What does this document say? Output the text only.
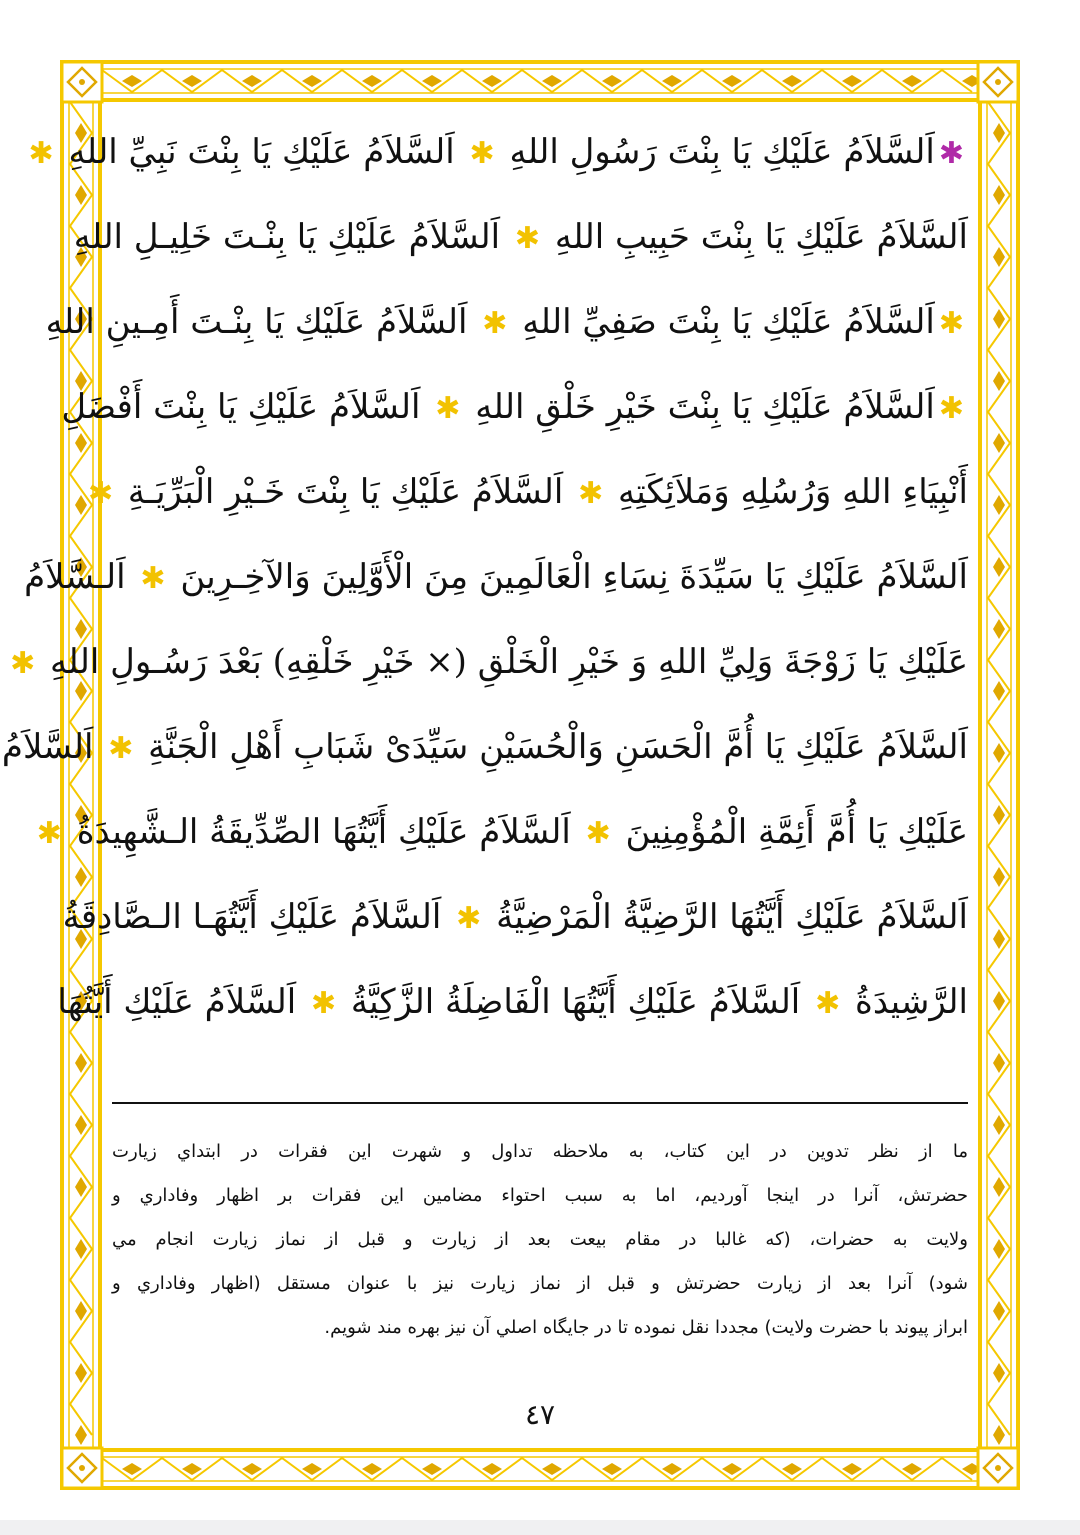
✱اَلسَّلاَمُ عَلَيْكِ يَا بِنْتَ رَسُولِ اللهِ ✱ اَلسَّلاَمُ عَلَيْكِ يَا بِنْتَ نَبِيِّ اللهِ ✱
اَلسَّلاَمُ عَلَيْكِ يَا بِنْتَ حَبِيبِ اللهِ ✱ اَلسَّلاَمُ عَلَيْكِ يَا بِنْـتَ خَلِيـلِ اللهِ
✱اَلسَّلاَمُ عَلَيْكِ يَا بِنْتَ صَفِيِّ اللهِ ✱ اَلسَّلاَمُ عَلَيْكِ يَا بِنْـتَ أَمِـينِ اللهِ
✱اَلسَّلاَمُ عَلَيْكِ يَا بِنْتَ خَيْرِ خَلْقِ اللهِ ✱ اَلسَّلاَمُ عَلَيْكِ يَا بِنْتَ أَفْضَلِ
أَنْبِيَاءِ اللهِ وَرُسُلِهِ وَمَلاَئِكَتِهِ ✱ اَلسَّلاَمُ عَلَيْكِ يَا بِنْتَ خَـيْرِ الْبَرِّيَـةِ ✱
اَلسَّلاَمُ عَلَيْكِ يَا سَيِّدَةَ نِسَاءِ الْعَالَمِينَ مِنَ الْأَوَّلِينَ وَالآخِـرِينَ ✱ اَلـسَّلاَمُ
عَلَيْكِ يَا زَوْجَةَ وَلِيِّ اللهِ وَ خَيْرِ الْخَلْقِ (× خَيْرِ خَلْقِهِ) بَعْدَ رَسُـولِ اللهِ ✱
اَلسَّلاَمُ عَلَيْكِ يَا أُمَّ الْحَسَنِ وَالْحُسَيْنِ سَيِّدَیْ شَبَابِ أَهْلِ الْجَنَّةِ ✱ اَلسَّلاَمُ
عَلَيْكِ يَا أُمَّ أَئِمَّةِ الْمُؤْمِنِينَ ✱ اَلسَّلاَمُ عَلَيْكِ أَيَّتُهَا الصِّدِّيقَةُ الـشَّهِيدَةُ ✱
اَلسَّلاَمُ عَلَيْكِ أَيَّتُهَا الرَّضِيَّةُ الْمَرْضِيَّةُ ✱ اَلسَّلاَمُ عَلَيْكِ أَيَّتُهَـا الـصَّادِقَةُ
الرَّشِيدَةُ ✱ اَلسَّلاَمُ عَلَيْكِ أَيَّتُهَا الْفَاضِلَةُ الزَّكِيَّةُ ✱ اَلسَّلاَمُ عَلَيْكِ أَيَّتُهَا
ما از نظر تدوين در اين كتاب، به ملاحظه تداول و شهرت اين فقرات در ابتداي زيارت
حضرتش، آنرا در اينجا آورديم، اما به سبب احتواء مضامين اين فقرات بر اظهار وفاداري و
ولايت به حضرات، (كه غالبا در مقام بيعت بعد از زيارت و قبل از نماز زيارت انجام مي
شود) آنرا بعد از زيارت حضرتش و قبل از نماز زيارت نيز با عنوان مستقل (اظهار وفاداري و
ابراز پيوند با حضرت ولايت) مجددا نقل نموده تا در جايگاه اصلي آن نيز بهره مند شويم.
٤٧
